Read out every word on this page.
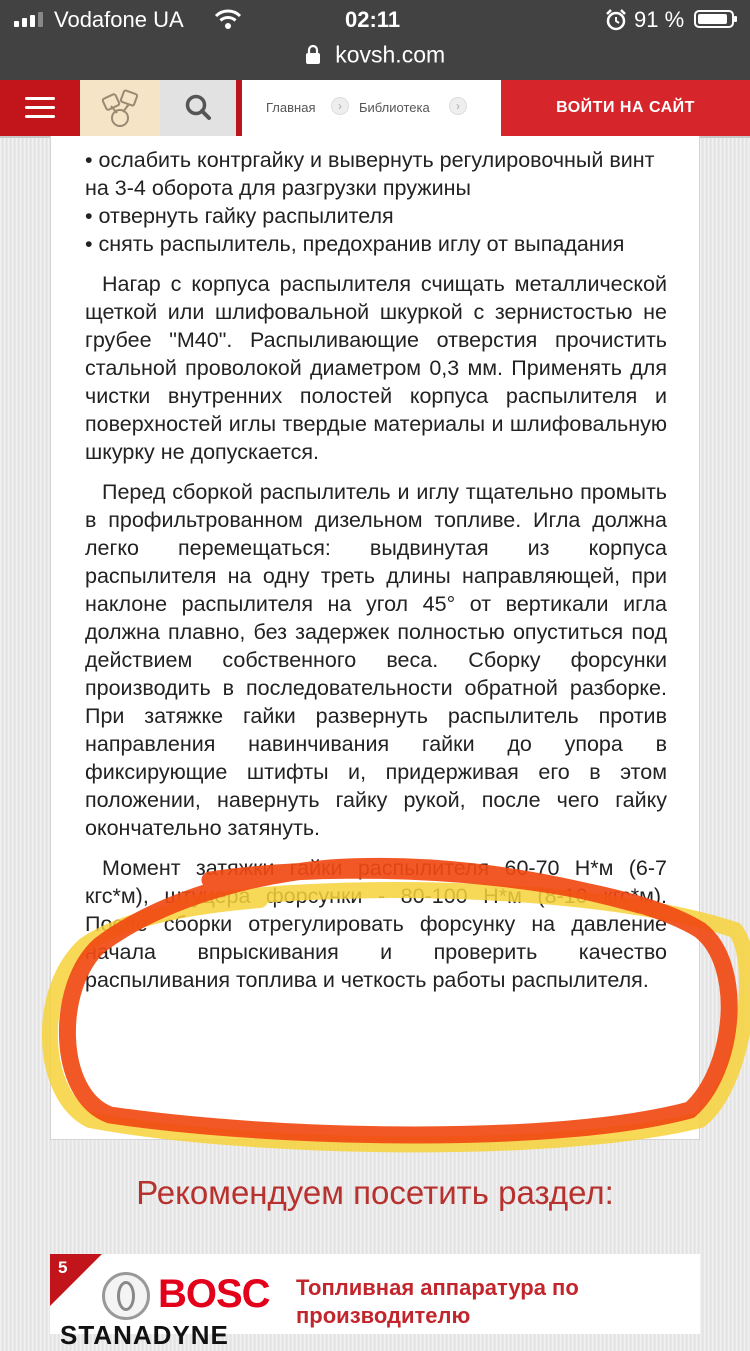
Vodafone UA	02:11	91 %
kovsh.com
Главная	›	Библиотека	›	ВОЙТИ НА САЙТ

• ослабить контргайку и вывернуть регулировочный винт на 3-4 оборота для разгрузки пружины

• отвернуть гайку распылителя

• снять распылитель, предохранив иглу от выпадания

Нагар с корпуса распылителя счищать металлической щеткой или шлифовальной шкуркой с зернистостью не грубее "М40". Распыливающие отверстия прочистить стальной проволокой диаметром 0,3 мм. Применять для чистки внутренних полостей корпуса распылителя и поверхностей иглы твердые материалы и шлифовальную шкурку не допускается.

Перед сборкой распылитель и иглу тщательно промыть в профильтрованном дизельном топливе. Игла должна легко перемещаться: выдвинутая из корпуса распылителя на одну треть длины направляющей, при наклоне распылителя на угол 45° от вертикали игла должна плавно, без задержек полностью опуститься под действием собственного веса. Сборку форсунки производить в последовательности обратной разборке. При затяжке гайки развернуть распылитель против направления навинчивания гайки до упора в фиксирующие штифты и, придерживая его в этом положении, навернуть гайку рукой, после чего гайку окончательно затянуть.

Момент затяжки гайки распылителя 60-70 Н*м (6-7 кгс*м), штуцера форсунки - 80-100 Н*м (8-10 кгс*м). После сборки отрегулировать форсунку на давление начала впрыскивания и проверить качество распыливания топлива и четкость работы распылителя.

Рекомендуем посетить раздел:
5
BOSC
STANADYNE
Топливная аппаратура по производителю
